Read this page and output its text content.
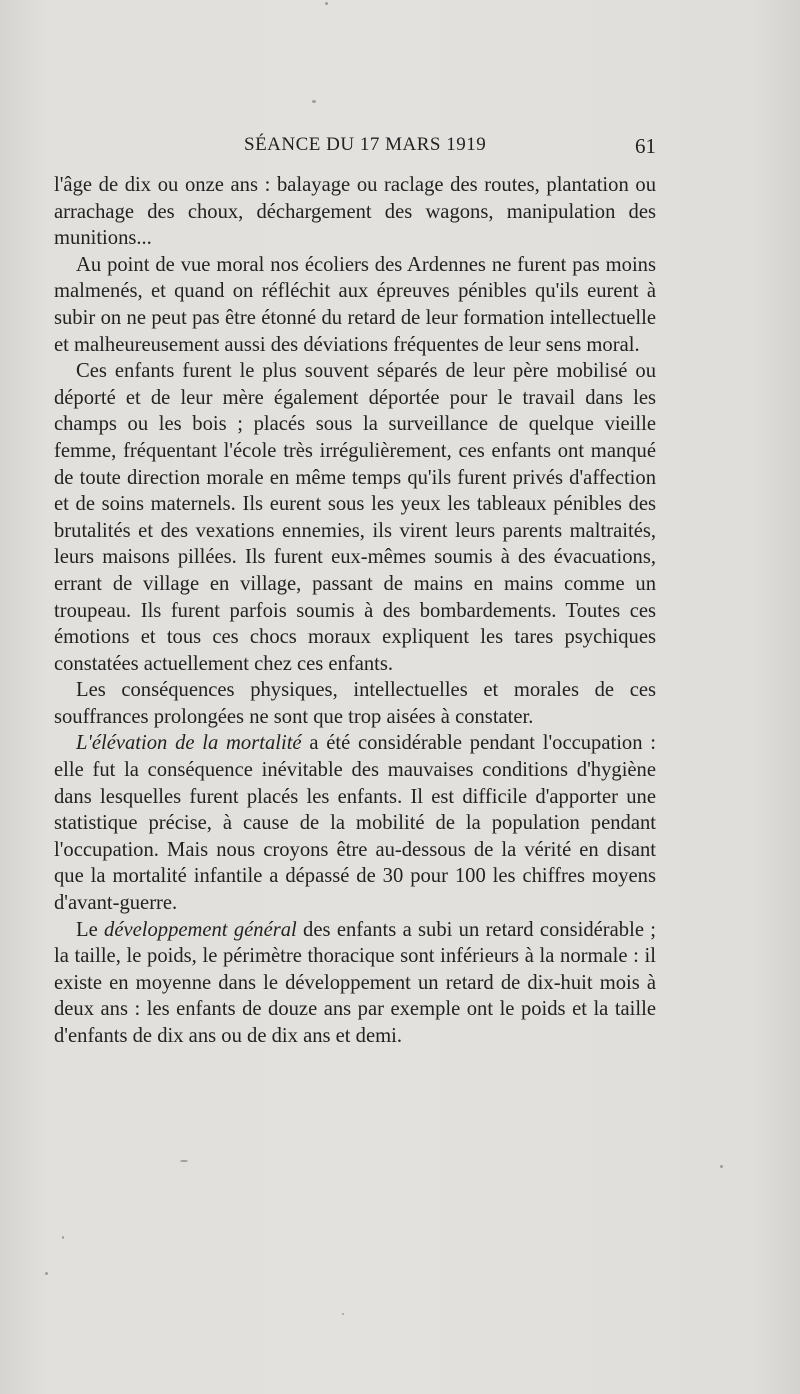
SÉANCE DU 17 MARS 1919	61

l'âge de dix ou onze ans : balayage ou raclage des routes, plantation ou arrachage des choux, déchargement des wagons, manipulation des munitions...

Au point de vue moral nos écoliers des Ardennes ne furent pas moins malmenés, et quand on réfléchit aux épreuves pénibles qu'ils eurent à subir on ne peut pas être étonné du retard de leur formation intellectuelle et malheureusement aussi des déviations fréquentes de leur sens moral.

Ces enfants furent le plus souvent séparés de leur père mobilisé ou déporté et de leur mère également déportée pour le travail dans les champs ou les bois ; placés sous la surveillance de quelque vieille femme, fréquentant l'école très irrégulièrement, ces enfants ont manqué de toute direction morale en même temps qu'ils furent privés d'affection et de soins maternels. Ils eurent sous les yeux les tableaux pénibles des brutalités et des vexations ennemies, ils virent leurs parents maltraités, leurs maisons pillées. Ils furent eux-mêmes soumis à des évacuations, errant de village en village, passant de mains en mains comme un troupeau. Ils furent parfois soumis à des bombardements. Toutes ces émotions et tous ces chocs moraux expliquent les tares psychiques constatées actuellement chez ces enfants.

Les conséquences physiques, intellectuelles et morales de ces souffrances prolongées ne sont que trop aisées à constater.

L'élévation de la mortalité a été considérable pendant l'occupation : elle fut la conséquence inévitable des mauvaises conditions d'hygiène dans lesquelles furent placés les enfants. Il est difficile d'apporter une statistique précise, à cause de la mobilité de la population pendant l'occupation. Mais nous croyons être au-dessous de la vérité en disant que la mortalité infantile a dépassé de 30 pour 100 les chiffres moyens d'avant-guerre.

Le développement général des enfants a subi un retard considérable ; la taille, le poids, le périmètre thoracique sont inférieurs à la normale : il existe en moyenne dans le développement un retard de dix-huit mois à deux ans : les enfants de douze ans par exemple ont le poids et la taille d'enfants de dix ans ou de dix ans et demi.
